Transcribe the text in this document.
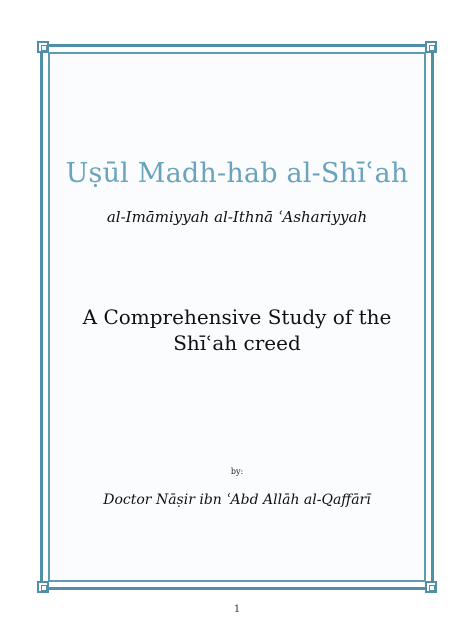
Uṣūl Madh-hab al-Shīʿah
al-Imāmiyyah al-Ithnā ʿAshariyyah
A Comprehensive Study of the
Shīʿah creed
by:
Doctor Nāṣir ibn ʿAbd Allāh al-Qaffārī
1
